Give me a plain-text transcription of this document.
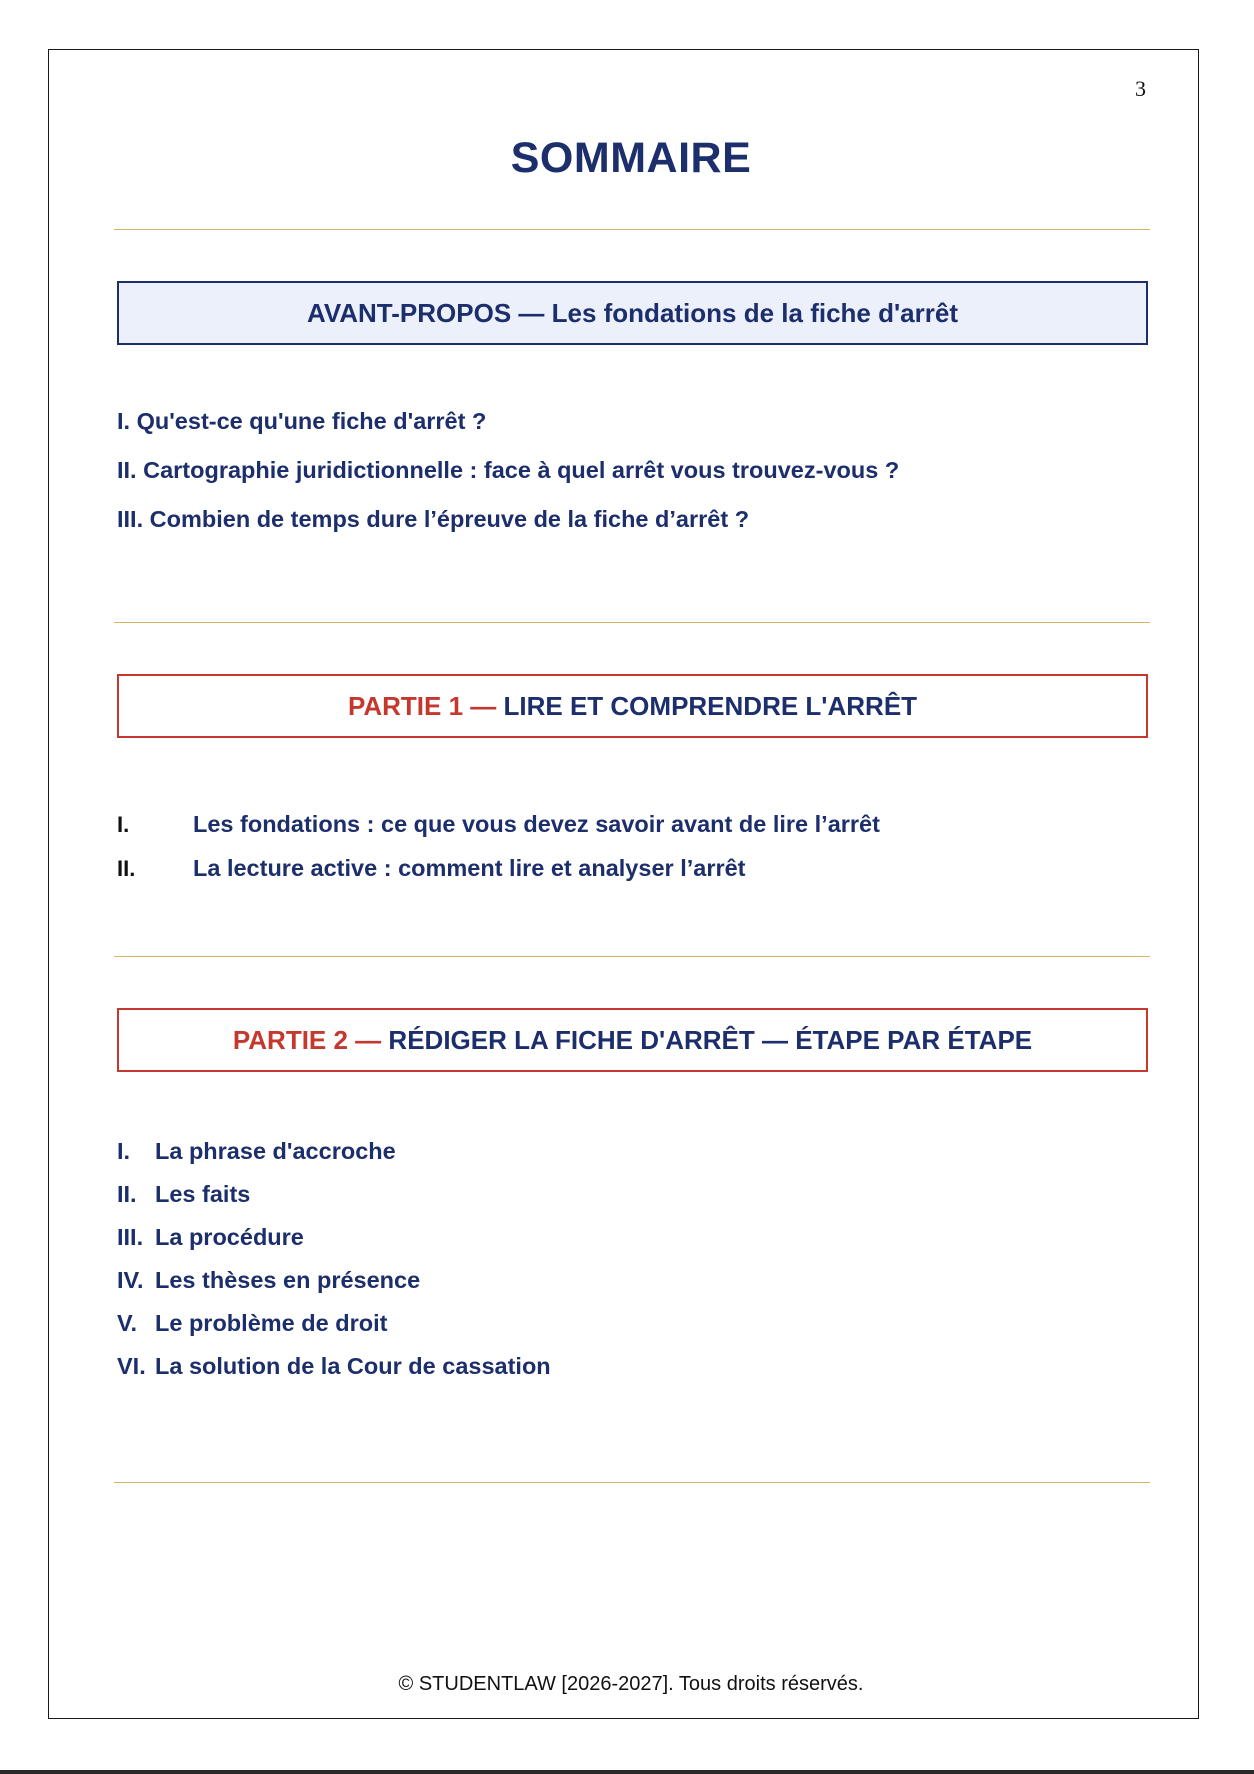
3
SOMMAIRE
AVANT-PROPOS — Les fondations de la fiche d'arrêt
I. Qu'est-ce qu'une fiche d'arrêt ?
II. Cartographie juridictionnelle : face à quel arrêt vous trouvez-vous ?
III. Combien de temps dure l’épreuve de la fiche d’arrêt ?
PARTIE 1 —
LIRE ET COMPRENDRE L'ARRÊT
I.	Les fondations : ce que vous devez savoir avant de lire l’arrêt
II. La lecture active : comment lire et analyser l’arrêt
PARTIE 2 —
RÉDIGER LA FICHE D'ARRÊT — ÉTAPE PAR ÉTAPE
I. La phrase d'accroche
II. Les faits
III. La procédure
IV. Les thèses en présence
V. Le problème de droit
VI. La solution de la Cour de cassation
© STUDENTLAW [2026-2027]. Tous droits réservés.
